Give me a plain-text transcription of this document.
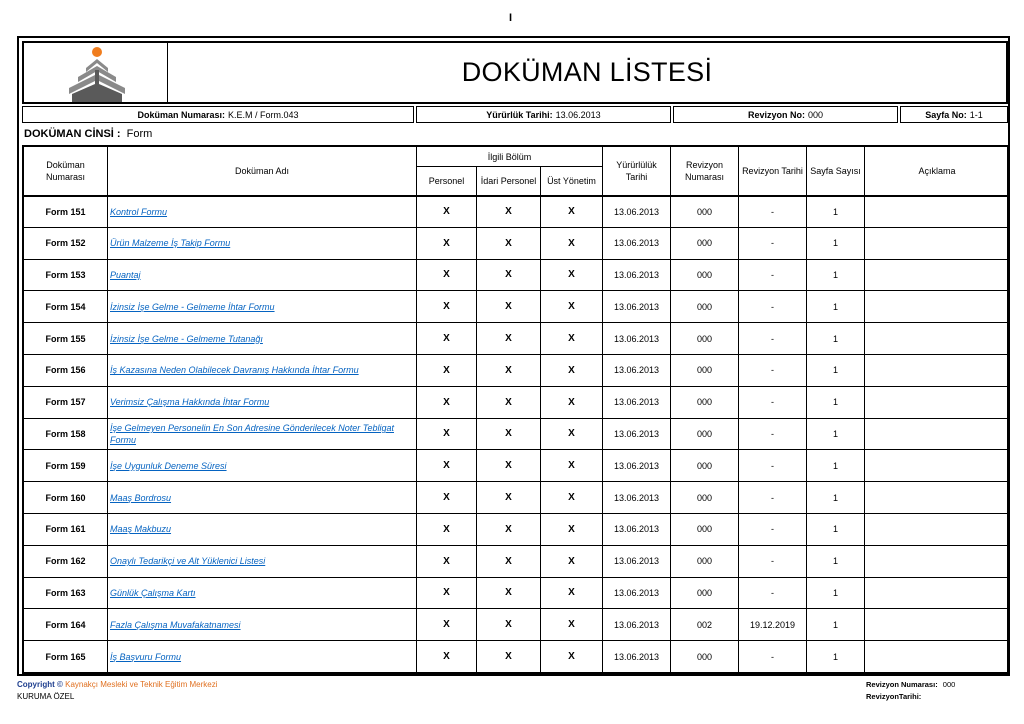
I
DOKÜMAN LİSTESİ
Doküman Numarası: K.E.M / Form.043	Yürürlük Tarihi: 13.06.2013	Revizyon No: 000	Sayfa No: 1-1
DOKÜMAN CİNSİ : Form
Doküman Numarası	Doküman Adı	İlgili Bölüm			Yürürlülük Tarihi	Revizyon Numarası	Revizyon Tarihi	Sayfa Sayısı	Açıklama
		Personel	İdari Personel	Üst Yönetim					
Form 151	Kontrol Formu	X	X	X	13.06.2013	000	-	1	
Form 152	Ürün Malzeme İş Takip Formu	X	X	X	13.06.2013	000	-	1	
Form 153	Puantaj	X	X	X	13.06.2013	000	-	1	
Form 154	İzinsiz İşe Gelme - Gelmeme İhtar Formu	X	X	X	13.06.2013	000	-	1	
Form 155	İzinsiz İşe Gelme - Gelmeme Tutanağı	X	X	X	13.06.2013	000	-	1	
Form 156	İş Kazasına Neden Olabilecek Davranış Hakkında İhtar Formu	X	X	X	13.06.2013	000	-	1	
Form 157	Verimsiz Çalışma Hakkında İhtar Formu	X	X	X	13.06.2013	000	-	1	
Form 158	İşe Gelmeyen Personelin En Son Adresine Gönderilecek Noter Tebligat Formu	X	X	X	13.06.2013	000	-	1	
Form 159	İşe Uygunluk Deneme Süresi	X	X	X	13.06.2013	000	-	1	
Form 160	Maaş Bordrosu	X	X	X	13.06.2013	000	-	1	
Form 161	Maaş Makbuzu	X	X	X	13.06.2013	000	-	1	
Form 162	Onaylı Tedarikçi ve Alt Yüklenici Listesi	X	X	X	13.06.2013	000	-	1	
Form 163	Günlük Çalışma Kartı	X	X	X	13.06.2013	000	-	1	
Form 164	Fazla Çalışma Muvafakatnamesi	X	X	X	13.06.2013	002	19.12.2019	1	
Form 165	İş Başvuru Formu	X	X	X	13.06.2013	000	-	1	
Copyright © Kaynakçı Mesleki ve Teknik Eğitim Merkezi
KURUMA ÖZEL
Revizyon Numarası: 000
RevizyonTarihi:
